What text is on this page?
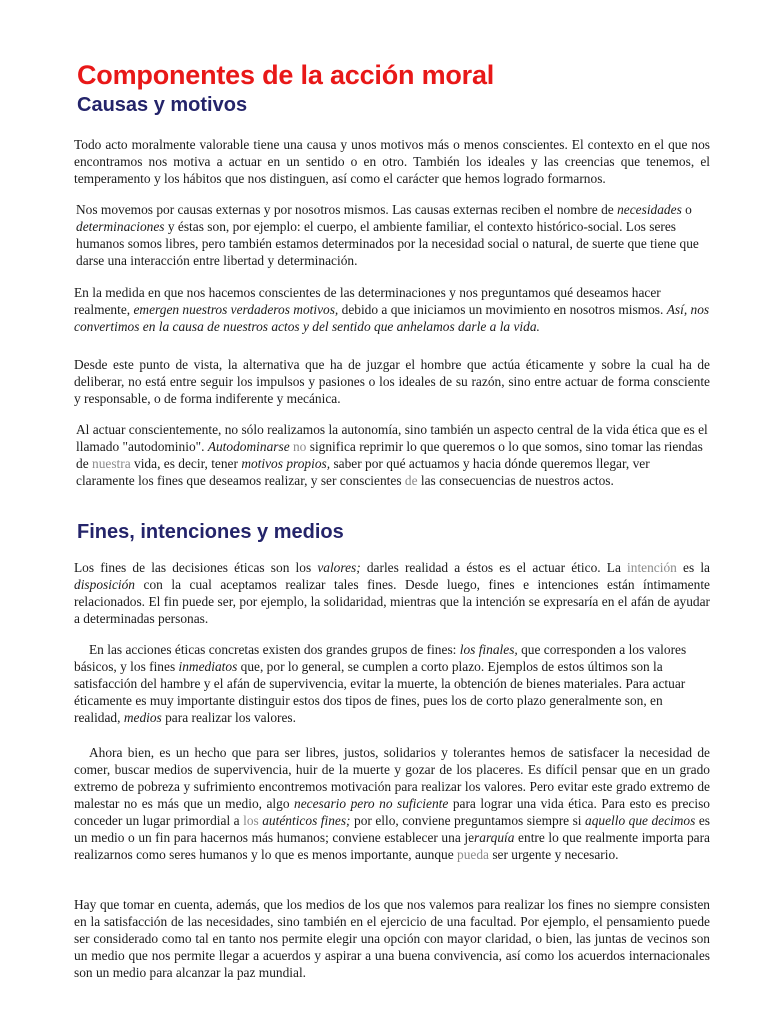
Componentes de la acción moral
Causas y motivos

Todo acto moralmente valorable tiene una causa y unos motivos más o menos conscientes. El contexto en el que nos encontramos nos motiva a actuar en un sentido o en otro. También los ideales y las creencias que tenemos, el temperamento y los hábitos que nos distinguen, así como el carácter que hemos logrado formarnos.

Nos movemos por causas externas y por nosotros mismos. Las causas externas reciben el nombre de necesidades o determinaciones y éstas son, por ejemplo: el cuerpo, el ambiente familiar, el contexto histórico-social. Los seres humanos somos libres, pero también estamos determinados por la necesidad social o natural, de suerte que tiene que darse una interacción entre libertad y determinación.

En la medida en que nos hacemos conscientes de las determinaciones y nos preguntamos qué deseamos hacer realmente, emergen nuestros verdaderos motivos, debido a que iniciamos un movimiento en nosotros mismos. Así, nos convertimos en la causa de nuestros actos y del sentido que anhelamos darle a la vida.

Desde este punto de vista, la alternativa que ha de juzgar el hombre que actúa éticamente y sobre la cual ha de deliberar, no está entre seguir los impulsos y pasiones o los ideales de su razón, sino entre actuar de forma consciente y responsable, o de forma indiferente y mecánica.

Al actuar conscientemente, no sólo realizamos la autonomía, sino también un aspecto central de la vida ética que es el llamado "autodominio". Autodominarse no significa reprimir lo que queremos o lo que somos, sino tomar las riendas de nuestra vida, es decir, tener motivos propios, saber por qué actuamos y hacia dónde queremos llegar, ver claramente los fines que deseamos realizar, y ser conscientes de las consecuencias de nuestros actos.

Fines, intenciones y medios

Los fines de las decisiones éticas son los valores; darles realidad a éstos es el actuar ético. La intención es la disposición con la cual aceptamos realizar tales fines. Desde luego, fines e intenciones están íntimamente relacionados. El fin puede ser, por ejemplo, la solidaridad, mientras que la intención se expresaría en el afán de ayudar a determinadas personas.

En las acciones éticas concretas existen dos grandes grupos de fines: los finales, que corresponden a los valores básicos, y los fines inmediatos que, por lo general, se cumplen a corto plazo. Ejemplos de estos últimos son la satisfacción del hambre y el afán de supervivencia, evitar la muerte, la obtención de bienes materiales. Para actuar éticamente es muy importante distinguir estos dos tipos de fines, pues los de corto plazo generalmente son, en realidad, medios para realizar los valores.

Ahora bien, es un hecho que para ser libres, justos, solidarios y tolerantes hemos de satisfacer la necesidad de comer, buscar medios de supervivencia, huir de la muerte y gozar de los placeres. Es difícil pensar que en un grado extremo de pobreza y sufrimiento encontremos motivación para realizar los valores. Pero evitar este grado extremo de malestar no es más que un medio, algo necesario pero no suficiente para lograr una vida ética. Para esto es preciso conceder un lugar primordial a los auténticos fines; por ello, conviene preguntamos siempre si aquello que decimos es un medio o un fin para hacernos más humanos; conviene establecer una jerarquía entre lo que realmente importa para realizarnos como seres humanos y lo que es menos importante, aunque pueda ser urgente y necesario.

Hay que tomar en cuenta, además, que los medios de los que nos valemos para realizar los fines no siempre consisten en la satisfacción de las necesidades, sino también en el ejercicio de una facultad. Por ejemplo, el pensamiento puede ser considerado como tal en tanto nos permite elegir una opción con mayor claridad, o bien, las juntas de vecinos son un medio que nos permite llegar a acuerdos y aspirar a una buena convivencia, así como los acuerdos internacionales son un medio para alcanzar la paz mundial.
